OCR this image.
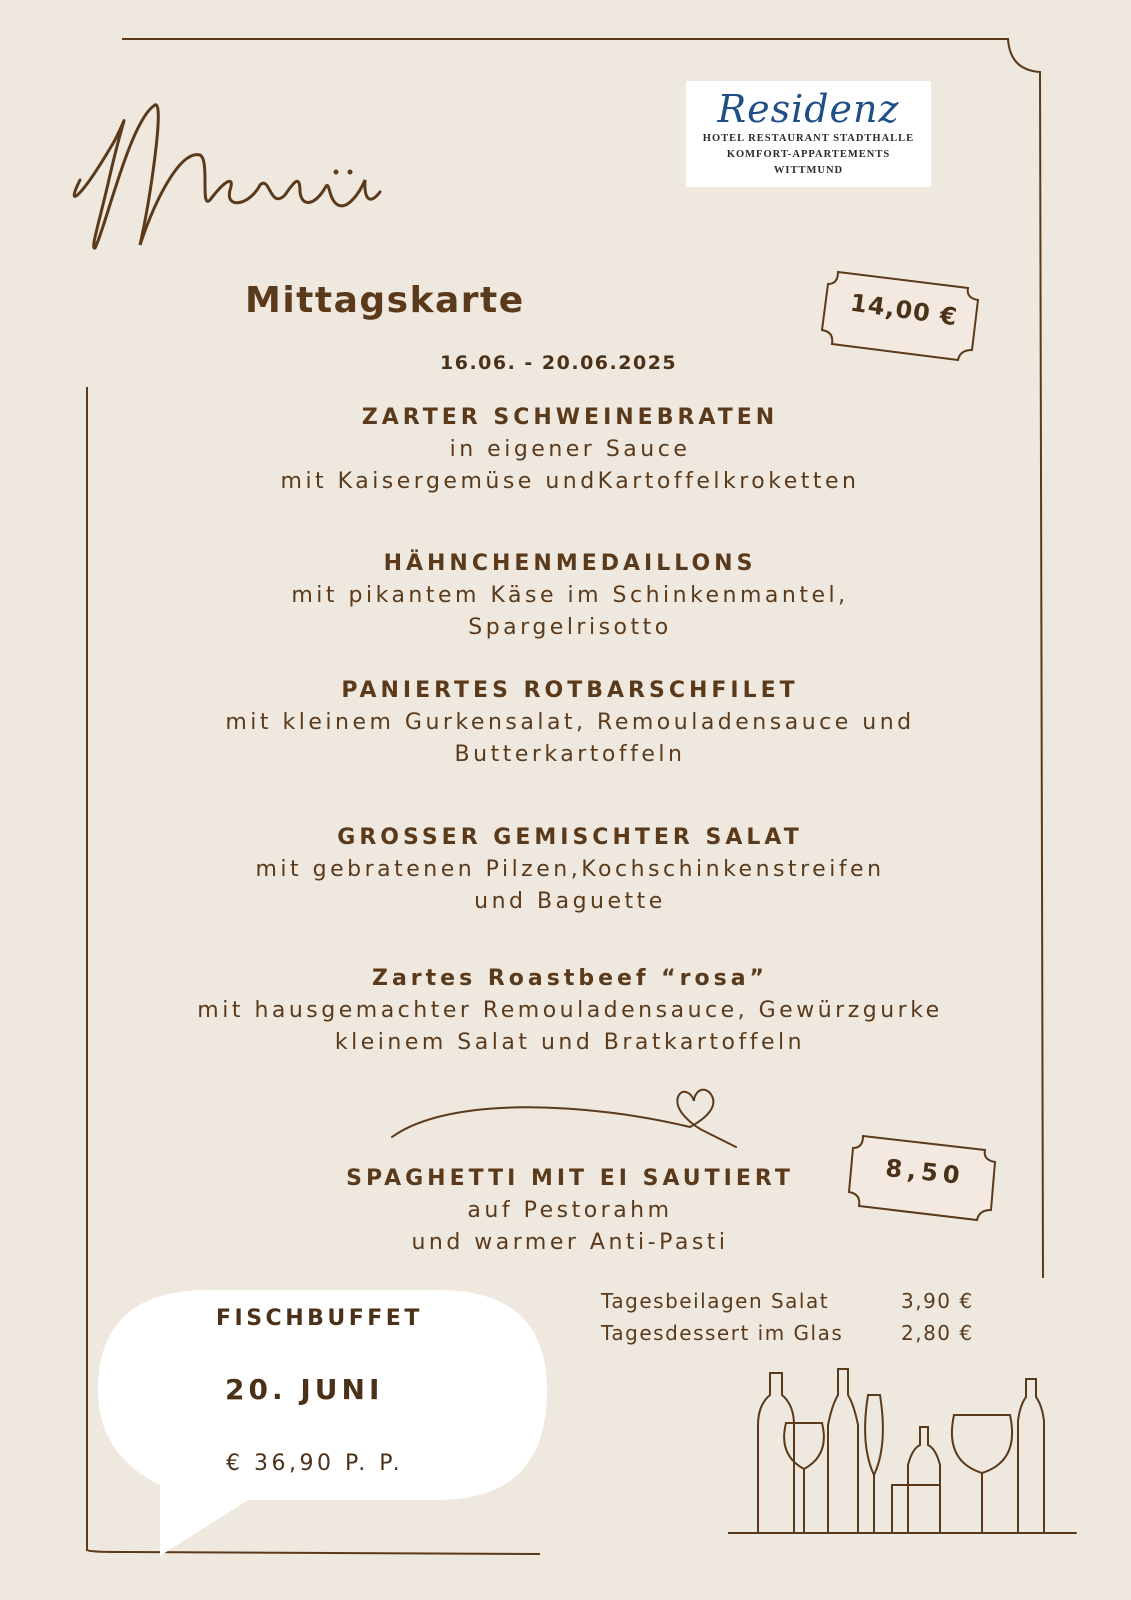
Residenz
HOTEL RESTAURANT STADTHALLE
KOMFORT-APPARTEMENTS
WITTMUND
Mittagskarte
16.06. - 20.06.2025
14,00 €
8,50
ZARTER SCHWEINEBRATEN
in eigener Sauce
mit Kaisergemüse undKartoffelkroketten
HÄHNCHENMEDAILLONS
mit pikantem Käse im Schinkenmantel,
Spargelrisotto
PANIERTES ROTBARSCHFILET
mit kleinem Gurkensalat, Remouladensauce und
Butterkartoffeln
GROSSER GEMISCHTER SALAT
mit gebratenen Pilzen,Kochschinkenstreifen
und Baguette
Zartes Roastbeef “rosa”
mit hausgemachter Remouladensauce, Gewürzgurke
kleinem Salat und Bratkartoffeln
SPAGHETTI MIT EI SAUTIERT
auf Pestorahm
und warmer Anti-Pasti
Tagesbeilagen Salat	3,90 €
Tagesdessert im Glas	2,80 €
FISCHBUFFET
20. JUNI
€ 36,90 P. P.
